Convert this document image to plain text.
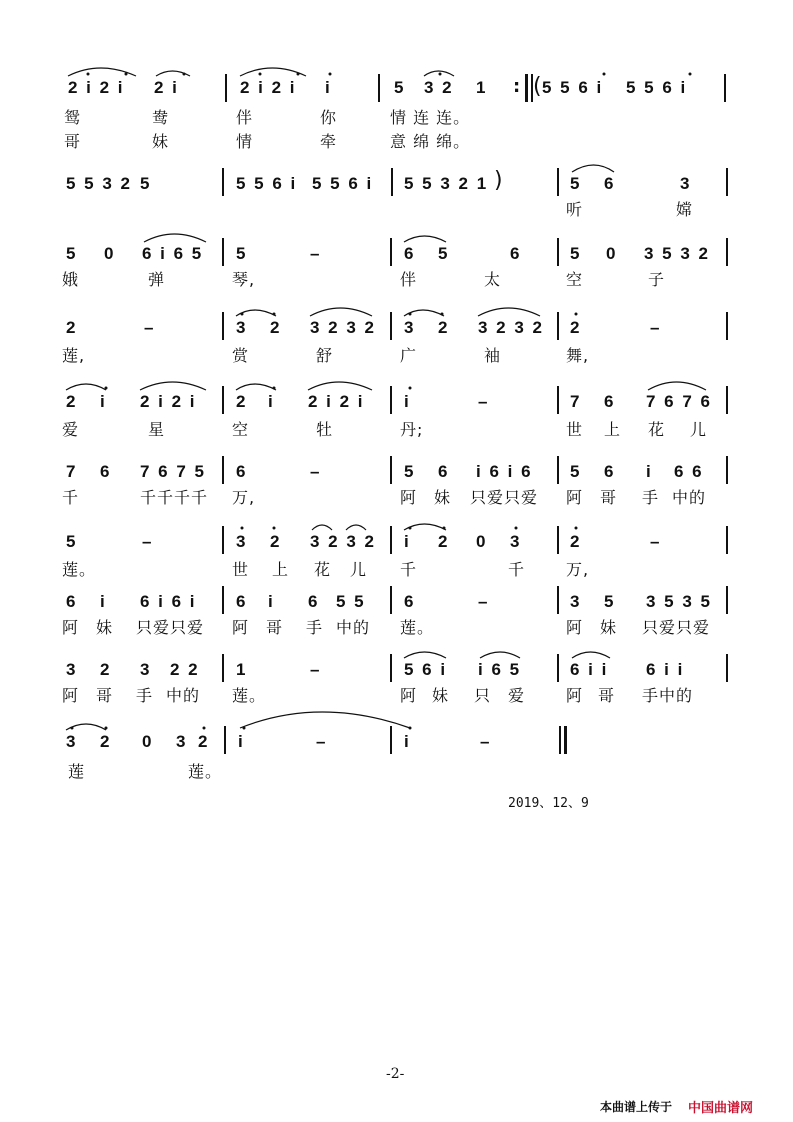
2 i 2 i 2 i	2 i 2 i i	5 3 2 1 : ( 5 5 6 i 5 5 6 i
鸳	鸯	伴	你	情 连 连。
哥	妹	情	牵	意 绵 绵。
5 5 3 2 5	5 5 6 i 5 5 6 i 5 5 3 2 1 )	5 6	3
听	嫦
5 0 6 i 6 5 5	–	6 5	6	5 0 3 5 3 2
娥	弹	琴,	伴	太	空	子
2	–	3 2 3 2 3 2 3 2 3 2 3 2 2	–
莲,	赏	舒	广	袖	舞,
2 i 2 i 2 i 2 i 2 i 2 i i	–	7 6 7 6 7 6
爱	星	空	牡	丹;	世 上 花 儿
7 6 7 6 7 5 6	–	5 6 i 6 i 6 5 6 i 6 6
千	千千千千 万,	阿 妹 只爱只爱 阿 哥 手 中的
5	–	3 2 3 2 3 2 i 2 0 3	2	–
莲。	世 上 花 儿 千	千	万,
6 i 6 i 6 i 6 i 6 5 5 6	–	3 5 3 5 3 5
阿 妹 只爱只爱 阿 哥 手 中的 莲。	阿 妹 只爱只爱
3 2 3 2 2 1	–	5 6 i i 6 5	6 i i 6 i i
阿 哥 手 中的 莲。	阿 妹 只 爱	阿 哥 手中的
3 2 0 3 2 i	–	i	–
莲	莲。
2019、12、9
-2-
本曲谱上传于 中国曲谱网
